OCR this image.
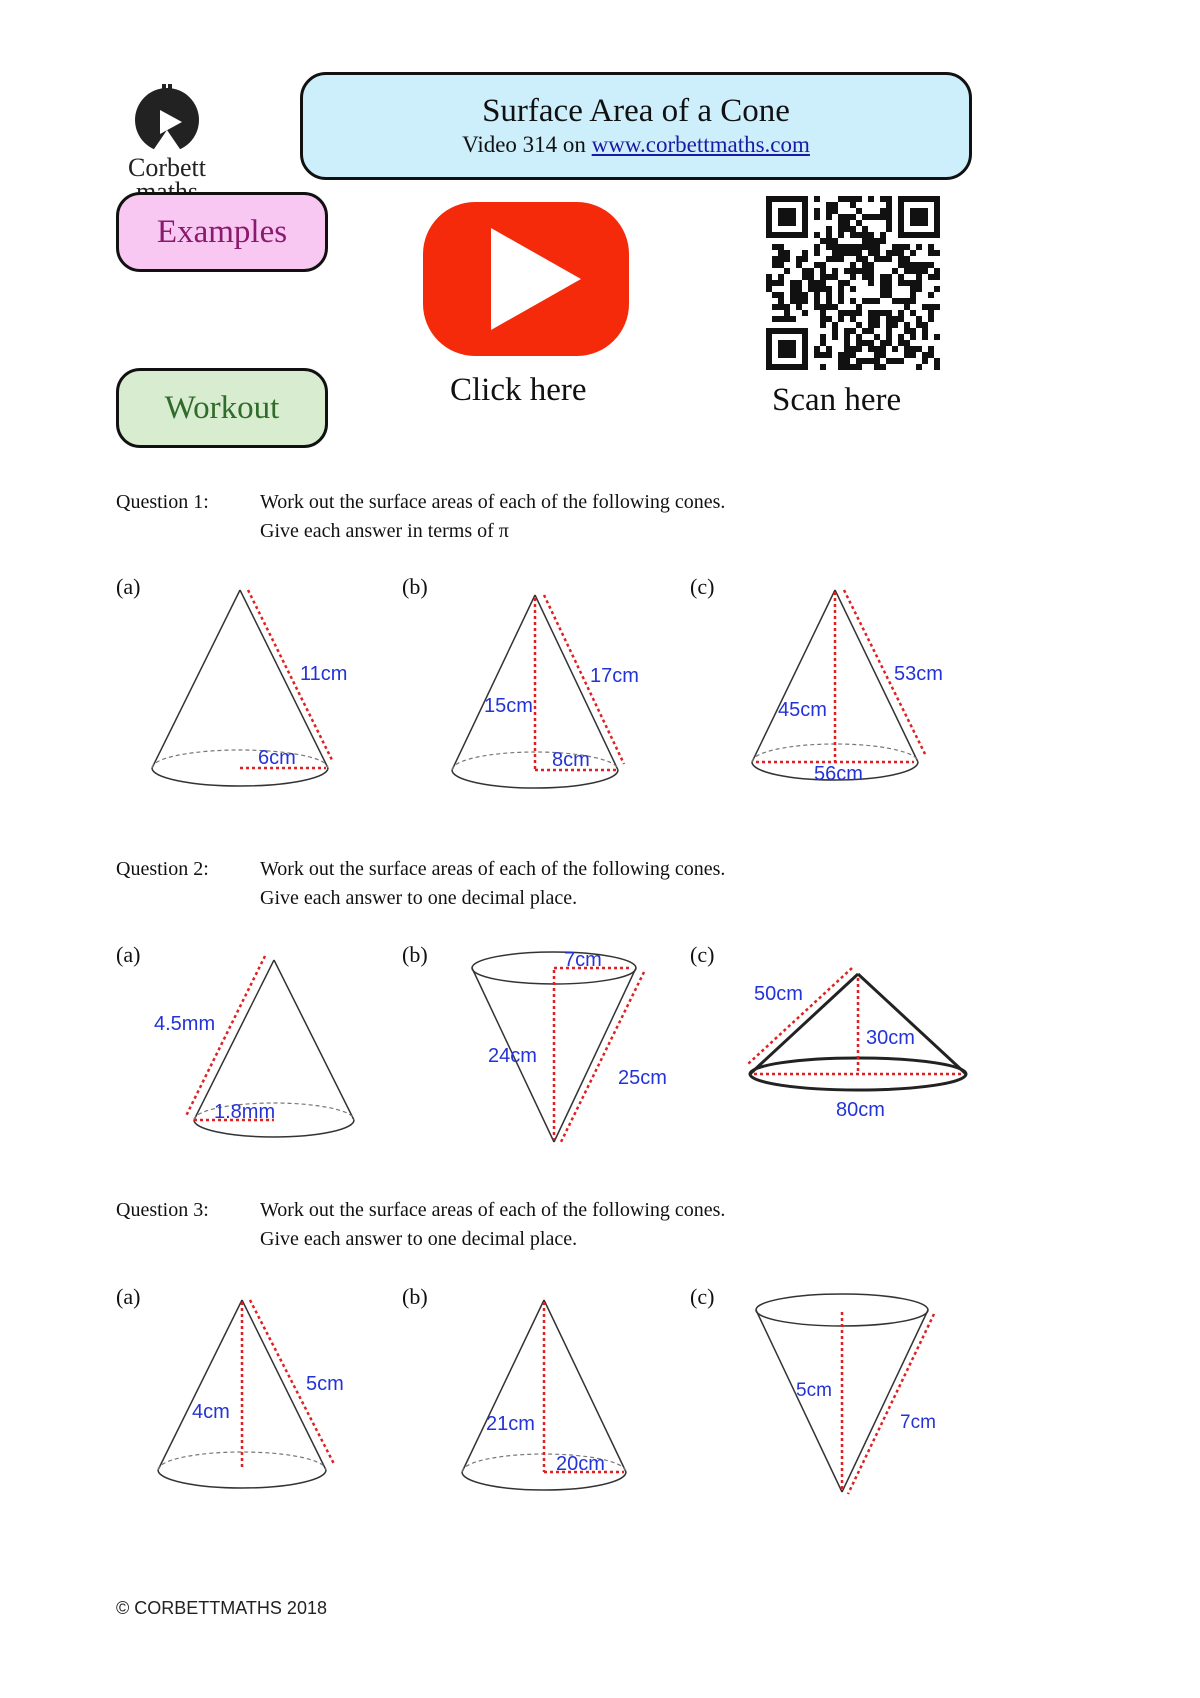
Corbett
Surface Area of a Cone
Video 314 on www.corbettmaths.com
Examples
Workout	Click here	Scan here
Question 1:	Work out the surface areas of each of the following cones.
Give each answer in terms of π
(a)	(b)	(c)
11cm
6cm
17cm
15cm
8cm
53cm
45cm
56cm
Question 2:	Work out the surface areas of each of the following cones.
Give each answer to one decimal place.
(a)	(b)	(c)
4.5mm
1.8mm
7cm
24cm
25cm
50cm
30cm
80cm
Question 3:	Work out the surface areas of each of the following cones.
Give each answer to one decimal place.
(a)	(b)	(c)
5cm
4cm
21cm
20cm
5cm
7cm
© CORBETTMATHS 2018
